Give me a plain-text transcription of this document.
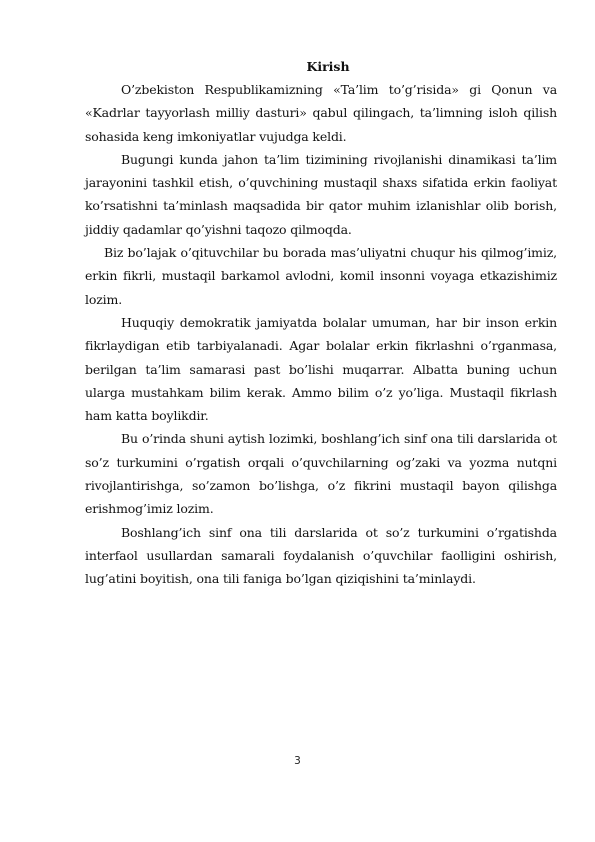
Kirish

O’zbekiston Respublikamizning «Ta’lim to’g’risida» gi Qonun va «Kadrlar tayyorlash milliy dasturi» qabul qilingach, ta’limning isloh qilish sohasida keng imkoniyatlar vujudga keldi.

Bugungi kunda jahon ta’lim tizimining rivojlanishi dinamikasi ta’lim jarayonini tashkil etish, o’quvchining mustaqil shaxs sifatida erkin faoliyat ko’rsatishni ta’minlash maqsadida bir qator muhim izlanishlar olib borish, jiddiy qadamlar qo’yishni taqozo qilmoqda.

Biz bo’lajak o’qituvchilar bu borada mas’uliyatni chuqur his qilmog’imiz, erkin fikrli, mustaqil barkamol avlodni, komil insonni voyaga etkazishimiz lozim.

Huquqiy demokratik jamiyatda bolalar umuman, har bir inson erkin fikrlaydigan etib tarbiyalanadi. Agar bolalar erkin fikrlashni o’rganmasa, berilgan ta’lim samarasi past bo’lishi muqarrar. Albatta buning uchun ularga mustahkam bilim kerak. Ammo bilim o’z yo’liga. Mustaqil fikrlash ham katta boylikdir.

Bu o’rinda shuni aytish lozimki, boshlang’ich sinf ona tili darslarida ot so’z turkumini o’rgatish orqali o’quvchilarning og’zaki va yozma nutqni rivojlantirishga, so’zamon bo’lishga, o’z fikrini mustaqil bayon qilishga erishmog’imiz lozim.

Boshlang’ich sinf ona tili darslarida ot so’z turkumini o’rgatishda interfaol usullardan samarali foydalanish o’quvchilar faolligini oshirish, lug’atini boyitish, ona tili faniga bo’lgan qiziqishini ta’minlaydi.

3
